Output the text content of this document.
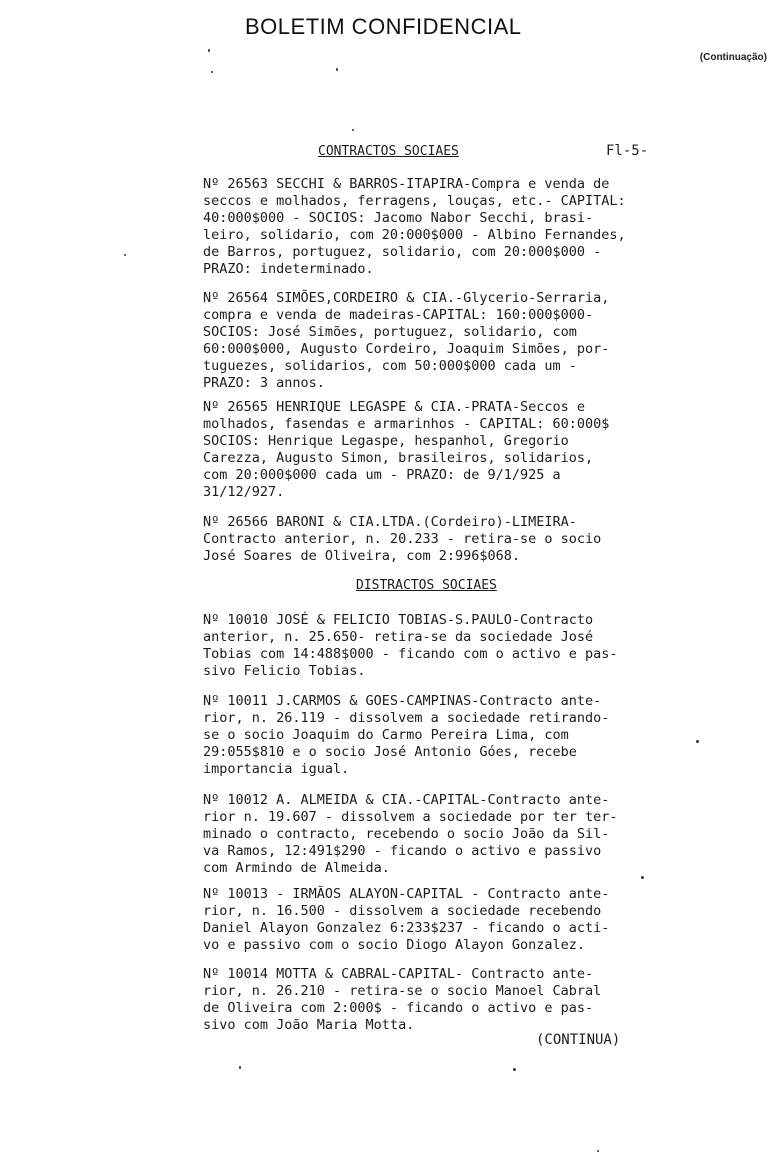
BOLETIM CONFIDENCIAL
(Continuação)
CONTRACTOS SOCIAES	Fl-5-
Nº 26563 SECCHI & BARROS-ITAPIRA-Compra e venda de
seccos e molhados, ferragens, louças, etc.- CAPITAL:
40:000$000 - SOCIOS: Jacomo Nabor Secchi, brasi-
leiro, solidario, com 20:000$000 - Albino Fernandes,
de Barros, portuguez, solidario, com 20:000$000 -
PRAZO: indeterminado.
Nº 26564 SIMÕES,CORDEIRO & CIA.-Glycerio-Serraria,
compra e venda de madeiras-CAPITAL: 160:000$000-
SOCIOS: José Simões, portuguez, solidario, com
60:000$000, Augusto Cordeiro, Joaquim Simões, por-
tuguezes, solidarios, com 50:000$000 cada um -
PRAZO: 3 annos.
Nº 26565 HENRIQUE LEGASPE & CIA.-PRATA-Seccos e
molhados, fasendas e armarinhos - CAPITAL: 60:000$
SOCIOS: Henrique Legaspe, hespanhol, Gregorio
Carezza, Augusto Simon, brasileiros, solidarios,
com 20:000$000 cada um - PRAZO: de 9/1/925 a
31/12/927.
Nº 26566 BARONI & CIA.LTDA.(Cordeiro)-LIMEIRA-
Contracto anterior, n. 20.233 - retira-se o socio
José Soares de Oliveira, com 2:996$068.
DISTRACTOS SOCIAES
Nº 10010 JOSÉ & FELICIO TOBIAS-S.PAULO-Contracto
anterior, n. 25.650- retira-se da sociedade José
Tobias com 14:488$000 - ficando com o activo e pas-
sivo Felicio Tobias.
Nº 10011 J.CARMOS & GOES-CAMPINAS-Contracto ante-
rior, n. 26.119 - dissolvem a sociedade retirando-
se o socio Joaquim do Carmo Pereira Lima, com
29:055$810 e o socio José Antonio Góes, recebe
importancia igual.
Nº 10012 A. ALMEIDA & CIA.-CAPITAL-Contracto ante-
rior n. 19.607 - dissolvem a sociedade por ter ter-
minado o contracto, recebendo o socio João da Sil-
va Ramos, 12:491$290 - ficando o activo e passivo
com Armindo de Almeida.
Nº 10013 - IRMÃOS ALAYON-CAPITAL - Contracto ante-
rior, n. 16.500 - dissolvem a sociedade recebendo
Daniel Alayon Gonzalez 6:233$237 - ficando o acti-
vo e passivo com o socio Diogo Alayon Gonzalez.
Nº 10014 MOTTA & CABRAL-CAPITAL- Contracto ante-
rior, n. 26.210 - retira-se o socio Manoel Cabral
de Oliveira com 2:000$ - ficando o activo e pas-
sivo com João Maria Motta.
(CONTINUA)
